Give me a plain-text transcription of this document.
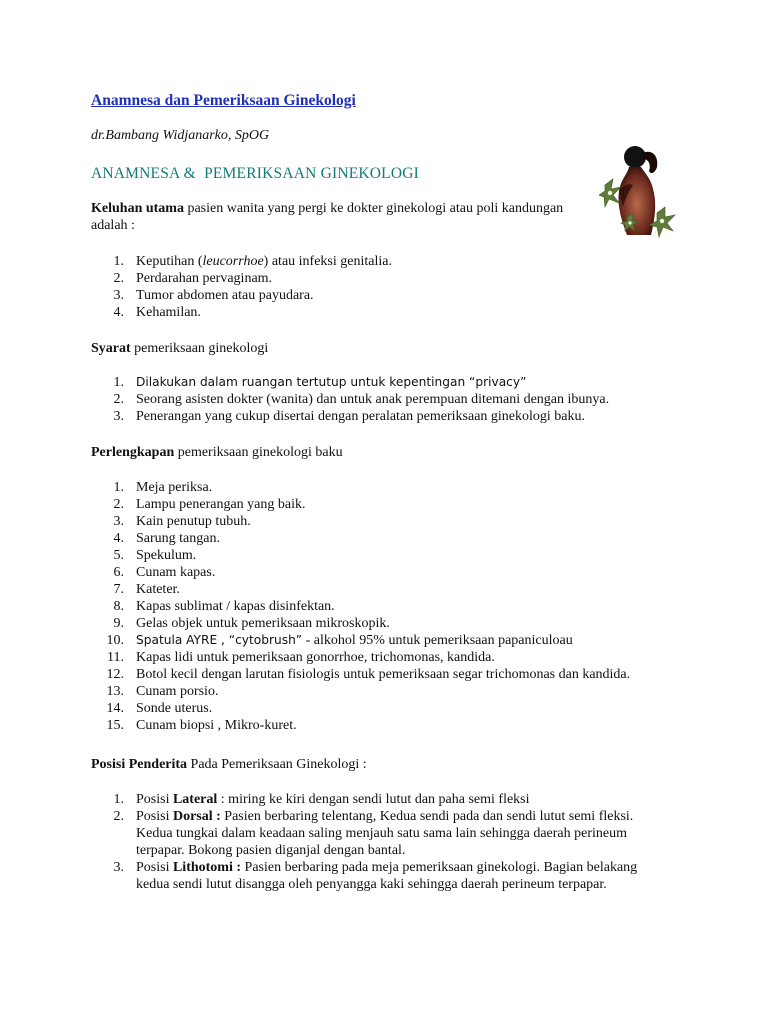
Anamnesa dan Pemeriksaan Ginekologi
dr.Bambang Widjanarko, SpOG
ANAMNESA &  PEMERIKSAAN GINEKOLOGI
Keluhan utama pasien wanita yang pergi ke dokter ginekologi atau poli kandungan
adalah :
1. Keputihan (leucorrhoe) atau infeksi genitalia.
2. Perdarahan pervaginam.
3. Tumor abdomen atau payudara.
4. Kehamilan.
Syarat pemeriksaan ginekologi
1. Dilakukan dalam ruangan tertutup untuk kepentingan “privacy”
2. Seorang asisten dokter (wanita) dan untuk anak perempuan ditemani dengan ibunya.
3. Penerangan yang cukup disertai dengan peralatan pemeriksaan ginekologi baku.
Perlengkapan pemeriksaan ginekologi baku
1. Meja periksa.
2. Lampu penerangan yang baik.
3. Kain penutup tubuh.
4. Sarung tangan.
5. Spekulum.
6. Cunam kapas.
7. Kateter.
8. Kapas sublimat / kapas disinfektan.
9. Gelas objek untuk pemeriksaan mikroskopik.
10. Spatula AYRE , “cytobrush” - alkohol 95% untuk pemeriksaan papaniculoau
11. Kapas lidi untuk pemeriksaan gonorrhoe, trichomonas, kandida.
12. Botol kecil dengan larutan fisiologis untuk pemeriksaan segar trichomonas dan kandida.
13. Cunam porsio.
14. Sonde uterus.
15. Cunam biopsi , Mikro-kuret.
Posisi Penderita Pada Pemeriksaan Ginekologi :
1. Posisi Lateral : miring ke kiri dengan sendi lutut dan paha semi fleksi
2. Posisi Dorsal : Pasien berbaring telentang, Kedua sendi pada dan sendi lutut semi fleksi.
Kedua tungkai dalam keadaan saling menjauh satu sama lain sehingga daerah perineum
terpapar. Bokong pasien diganjal dengan bantal.
3. Posisi Lithotomi : Pasien berbaring pada meja pemeriksaan ginekologi. Bagian belakang
kedua sendi lutut disangga oleh penyangga kaki sehingga daerah perineum terpapar.
